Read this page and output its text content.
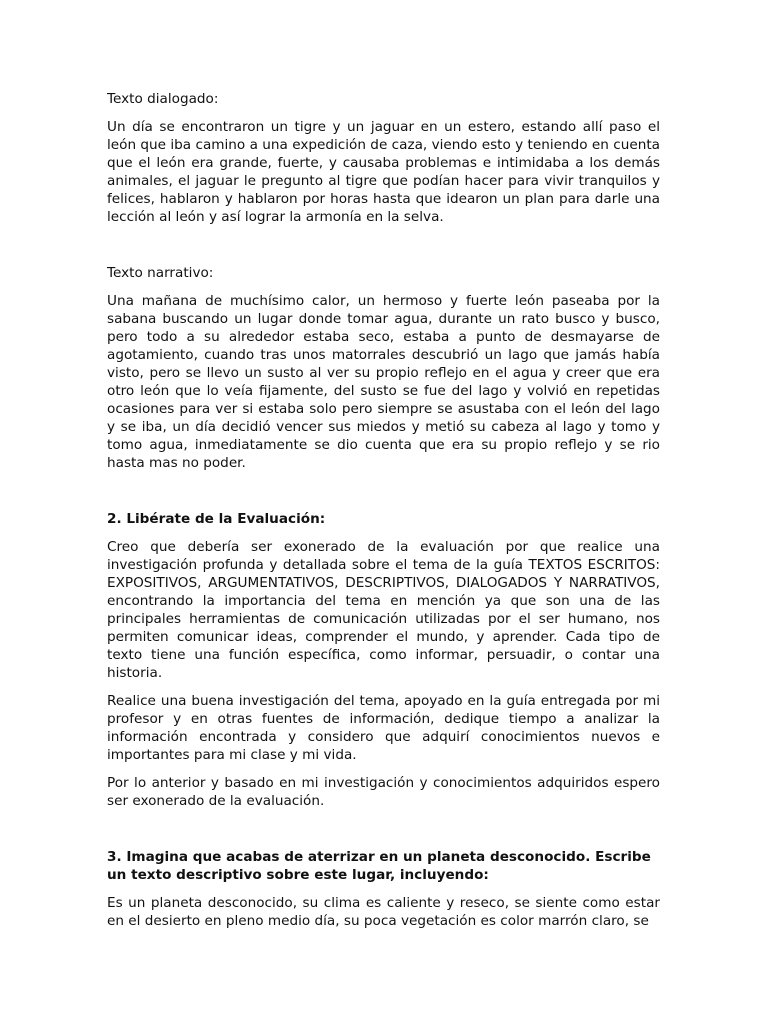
Texto dialogado:
Un día se encontraron un tigre y un jaguar en un estero, estando allí paso el león que iba camino a una expedición de caza, viendo esto y teniendo en cuenta que el león era grande, fuerte, y causaba problemas e intimidaba a los demás animales, el jaguar le pregunto al tigre que podían hacer para vivir tranquilos y felices, hablaron y hablaron por horas hasta que idearon un plan para darle una lección al león y así lograr la armonía en la selva.
Texto narrativo:
Una mañana de muchísimo calor, un hermoso y fuerte león paseaba por la sabana buscando un lugar donde tomar agua, durante un rato busco y busco, pero todo a su alrededor estaba seco, estaba a punto de desmayarse de agotamiento, cuando tras unos matorrales descubrió un lago que jamás había visto, pero se llevo un susto al ver su propio reflejo en el agua y creer que era otro león que lo veía fijamente, del susto se fue del lago y volvió en repetidas ocasiones para ver si estaba solo pero siempre se asustaba con el león del lago y se iba, un día decidió vencer sus miedos y metió su cabeza al lago y tomo y tomo agua, inmediatamente se dio cuenta que era su propio reflejo y se rio hasta mas no poder.
2. Libérate de la Evaluación:
Creo que debería ser exonerado de la evaluación por que realice una investigación profunda y detallada sobre el tema de la guía TEXTOS ESCRITOS: EXPOSITIVOS, ARGUMENTATIVOS, DESCRIPTIVOS, DIALOGADOS Y NARRATIVOS, encontrando la importancia del tema en mención ya que son una de las principales herramientas de comunicación utilizadas por el ser humano, nos permiten comunicar ideas, comprender el mundo, y aprender. Cada tipo de texto tiene una función específica, como informar, persuadir, o contar una historia.
Realice una buena investigación del tema, apoyado en la guía entregada por mi profesor y en otras fuentes de información, dedique tiempo a analizar la información encontrada y considero que adquirí conocimientos nuevos e importantes para mi clase y mi vida.
Por lo anterior y basado en mi investigación y conocimientos adquiridos espero ser exonerado de la evaluación.
3. Imagina que acabas de aterrizar en un planeta desconocido. Escribe un texto descriptivo sobre este lugar, incluyendo:
Es un planeta desconocido, su clima es caliente y reseco, se siente como estar en el desierto en pleno medio día, su poca vegetación es color marrón claro, se
